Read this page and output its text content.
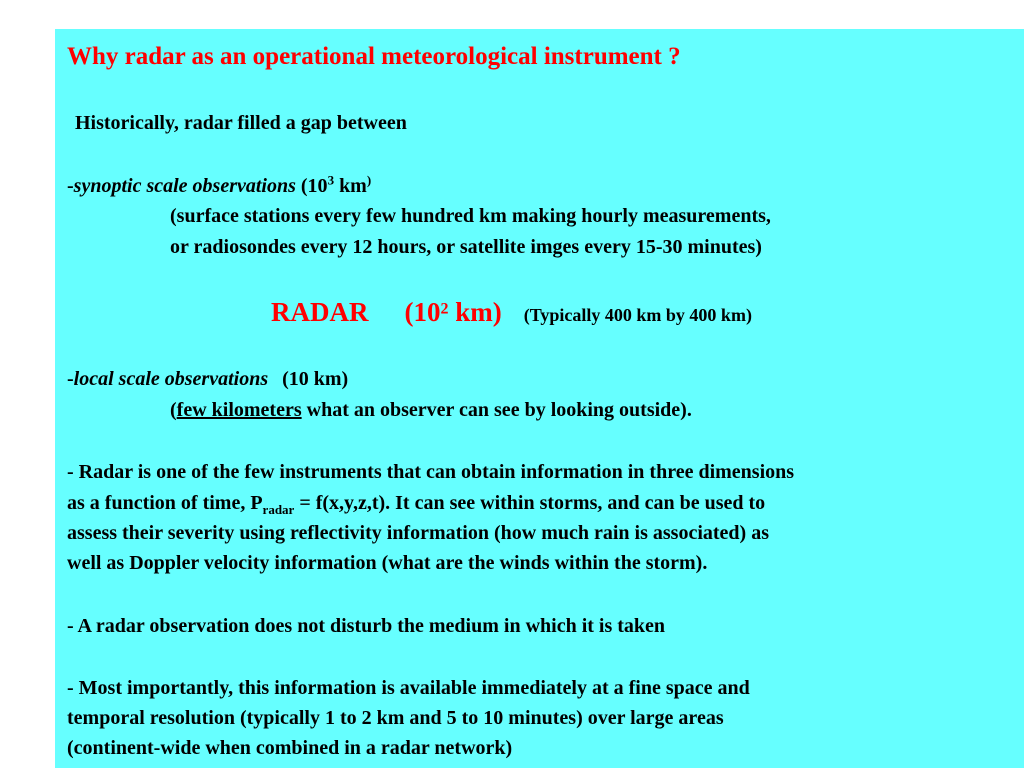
Why radar as an operational meteorological instrument ?
Historically, radar filled a gap between
-synoptic scale observations ($10^3$ km)
(surface stations every few hundred km making hourly measurements,
or radiosondes every 12 hours, or satellite imges every 15-30 minutes)
RADAR ($10^2$ km) (Typically 400 km by 400 km)
-local scale observations (10 km)
(few kilometers what an observer can see by looking outside).
- Radar is one of the few instruments that can obtain information in three dimensions
as a function of time, $P_{radar} = f(x,y,z,t)$. It can see within storms, and can be used to
assess their severity using reflectivity information (how much rain is associated) as
well as Doppler velocity information (what are the winds within the storm).
- A radar observation does not disturb the medium in which it is taken
- Most importantly, this information is available immediately at a fine space and
temporal resolution (typically 1 to 2 km and 5 to 10 minutes) over large areas
(continent-wide when combined in a radar network)
